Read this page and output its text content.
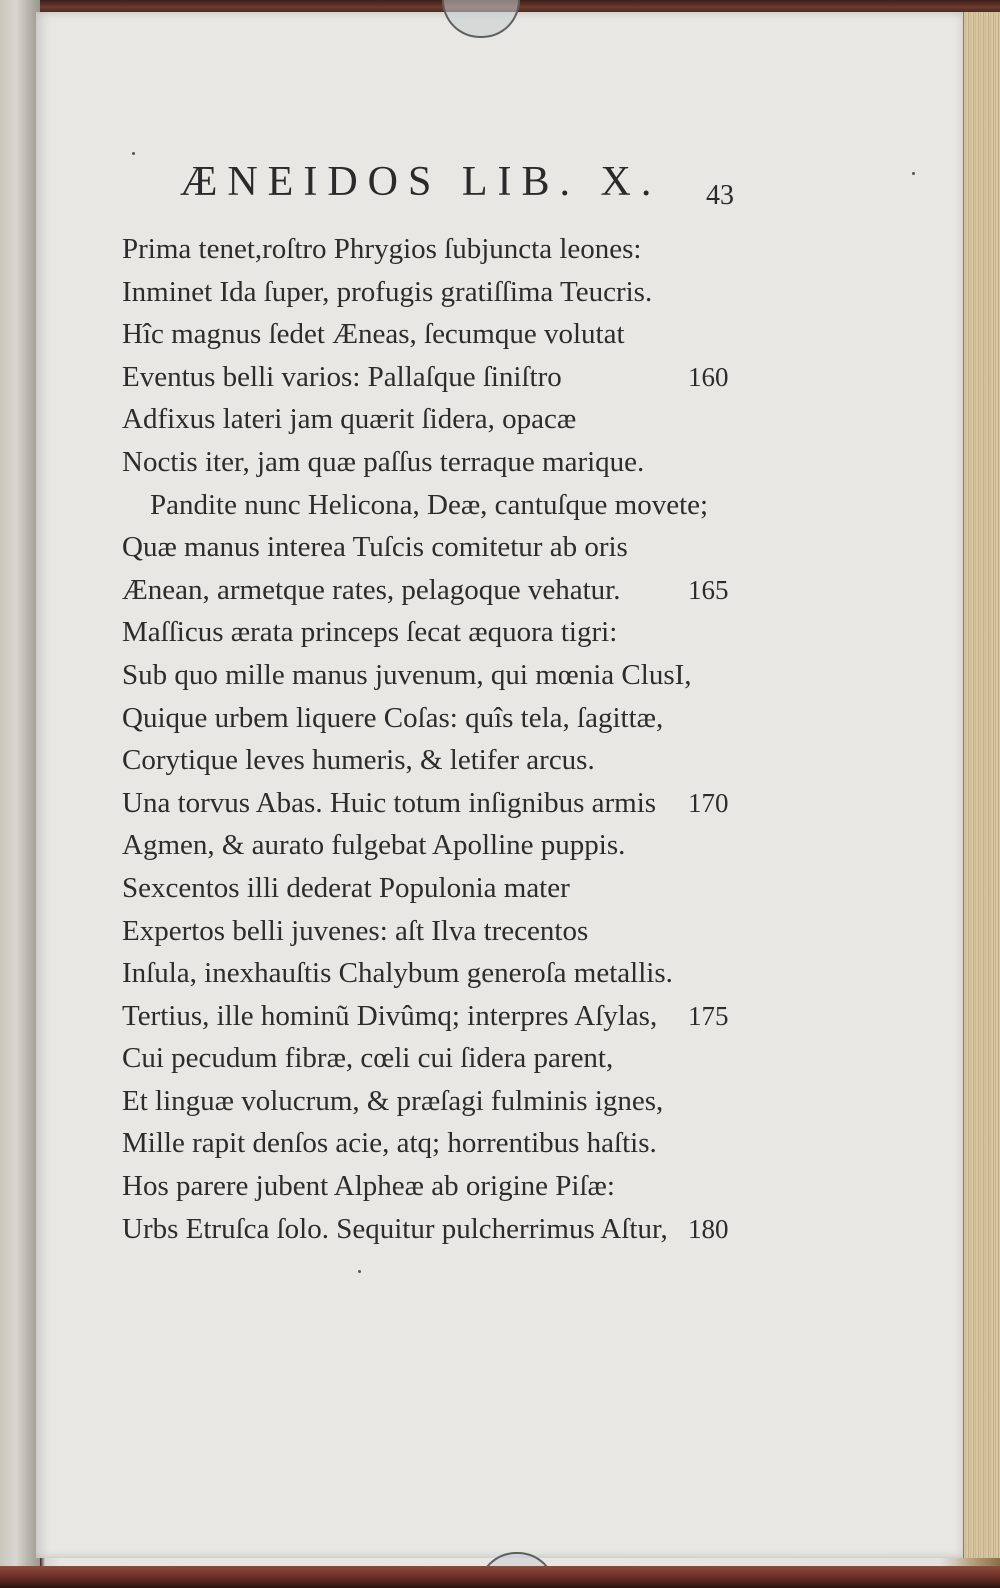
ÆNEIDOS LIB. X. 43
Prima tenet,roſtro Phrygios ſubjuncta leones:
Inminet Ida ſuper, profugis gratiſſima Teucris.
Hîc magnus ſedet Æneas, ſecumque volutat
Eventus belli varios: Pallaſque ſiniſtro	160
Adfixus lateri jam quærit ſidera, opacæ
Noctis iter, jam quæ paſſus terraque marique.
Pandite nunc Helicona, Deæ, cantuſque movete;
Quæ manus interea Tuſcis comitetur ab oris
Ænean, armetque rates, pelagoque vehatur.	165
Maſſicus ærata princeps ſecat æquora tigri:
Sub quo mille manus juvenum, qui mœnia ClusI,
Quique urbem liquere Coſas: quîs tela, ſagittæ,
Corytique leves humeris, & letifer arcus.
Una torvus Abas. Huic totum inſignibus armis 170
Agmen, & aurato fulgebat Apolline puppis.
Sexcentos illi dederat Populonia mater
Expertos belli juvenes: aſt Ilva trecentos
Inſula, inexhauſtis Chalybum generoſa metallis.
Tertius, ille hominũ Divûmq; interpres Aſylas, 175
Cui pecudum fibræ, cœli cui ſidera parent,
Et linguæ volucrum, & præſagi fulminis ignes,
Mille rapit denſos acie, atq; horrentibus haſtis.
Hos parere jubent Alpheæ ab origine Piſæ:
Urbs Etruſca ſolo. Sequitur pulcherrimus Aſtur, 180
